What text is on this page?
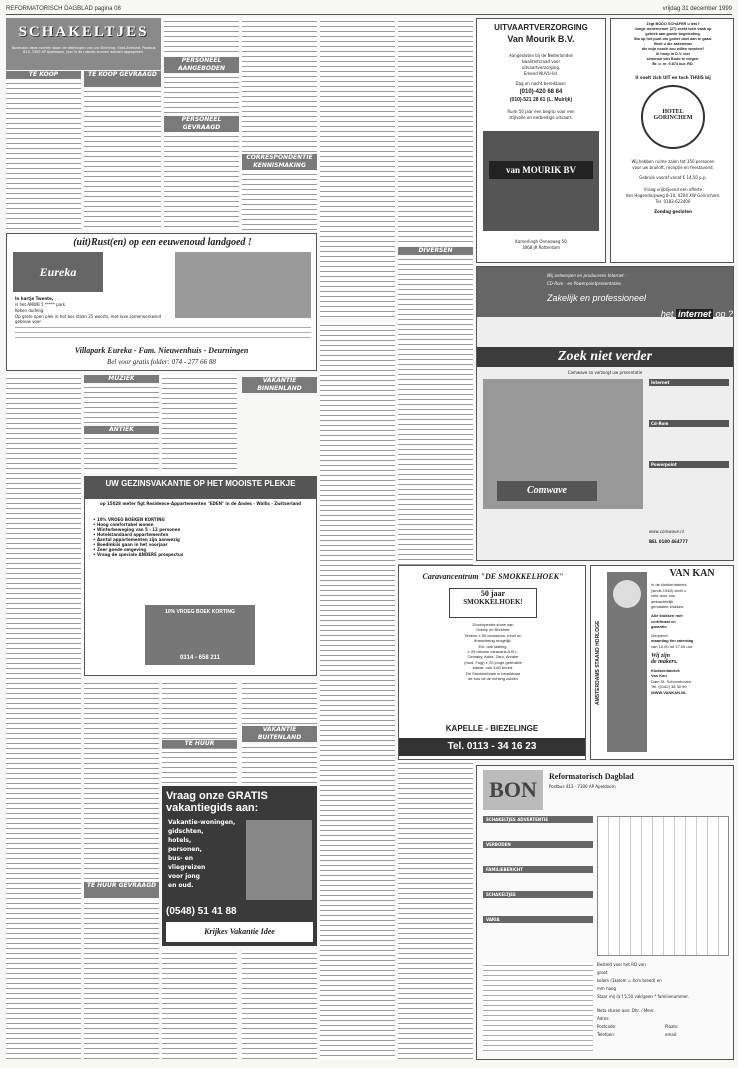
REFORMATORISCH DAGBLAD pagina 08	vrijdag 31 december 1999
SCHAKELTJES
Bovenaan deze rubriek staan de afdelingen van uw Stichting, Oost-Zeeland, Postbus 613, 7300 AP Apeldoorn, jaar in de rubriek kunnen worden opgegeven.
TE KOOP	TE KOOP GEVRAAGD
PERSONEEL AANGEBODEN
PERSONEEL GEVRAAGD
CORRESPONDENTIE KENNISMAKING
DIVERSEN
(uit)Rust(en) op een eeuwenoud landgoed !
Eureka
In hartje Twente,
is het ANWB 5 ***** park.
Keken duifelig.
Op grote open plek in het bos staan 25 woorts, met luxe zomerwerkwind gebouw voor
Villapark Eureka - Fam. Nieuwenhuis - Deurningen
Bel voor gratis folder: 074 - 277 66 88
MUZIEK
ANTIEK
UW GEZINSVAKANTIE OP HET MOOISTE PLEKJE
op 15028 meter figt Residence-Appartementen "EDEN" in de Andes - Wallis - Zwitserland
• 10% VROEG BOEKEN KORTING
• Hoog comfortabel wonen
• Winterbeweging van 5 - 12 personen
• Hotelstandaard appartementen
• Aantal appartementen zijn aanwezig
• Boedinkiis gaan in het voorjaar
• Zeer goede omgeving
• Vraag de speciale ANDERE prospectus
10% VROEG BOEK KORTING
0314 - 658 211
VAKANTIE BINNENLAND
VAKANTIE BUITENLAND
TE HUUR
Vraag onze GRATIS vakantiegids aan:
Vakantie-woningen,
gidschten,
hotels,
personen,
bus- en
vliegreizen
voor jong
en oud.
(0548) 51 41 88
Krijkes Vakantie Idee
TE HUUR GEVRAAGD
UITVAARTVERZORGING
Van Mourik B.V.
Aangesloten bij de Nederlandse
kwaliteitsraad voor
uitvaartverzorging.
Erkend NUVU-lid.
Dag en nacht bereikbaar:
(010)-420 68 84
(010)-521 28 61 (L. Mulrijk)
Ruim 50 jaar een begrip voor een
stijlvolle en eerbiedige uitvaart.
van MOURIK BV
Kamerlingh Onnesweg 50
3068 JR Rotterdam
Zegt BODO SCHAFER u iets?
Jonge ondernemer (27) zoekt toch vaak op
gebrek aan goede begeleiding.
Sta op het punt om groter doel aan te gaan.
Bent u die zakenman
die mijn coach zou willen worden?
Ik hoop in D.V. mei
seminair van Bodo te volgen.
Br. o. nr. 9.874 bur. RD.
U voelt zich UIT en toch THUIS bij
HOTEL GORINCHEM
Wij hebben ruime zalen tot 350 personen
voor uw bruiloft, receptie en feestavond.
Gebruik vooraf vanaf € 14,50 p.p.
Vraag vrijblijvend een offerte
Van Hogendorpweg 8-10, 4204 XW Gorinchem.
Tel. 0183-622400
Zondag gesloten
Wij ontwerpen en produceren Internet -
CD-Rom - en Powerpointpresentaties
Zakelijk en professioneel
het internet op ?
Zoek niet verder
Comwave so verzorgt uw presentatie
Comwave
Internet
Cd-Rom
Powerpoint
www.comwave.nl
BEL 0180 464777
Caravancentrum "DE SMOKKELHOEK"
50 jaar
SMOKKELHOEK!
Doorlopende show van
Hobby en Bürstner
Tevens ± 50 occasions. Inruil en
financiering mogelijk.
Ext. ook stalling.
± 25 nieuwe caravans A.B.I.,
Cemaby, Adria, Zaro, Arcabe
(mod. Fugi) ± 20 jonge gebruikte
stacar, ook 3.60 breed.
De Smokkelhoek is bereikbaar
de bus uit de richting zuiden
KAPELLE - BIEZELINGE
Tel. 0113 - 34 16 23
AMSTERDAMS STAAND HORLOGE
VAN KAN
In de klokkenfabriek
(sinds 1948) vindt u
vele door ons
ambachtelijk
gemaakte klokken.
Alle klokken met
certificaat en
garantie.
Geopend:
maandag t/m zaterdag
van 10.00 tot 17.00 uur.
Wij zijn
de makers.
Klokkenfabriek
Van Kan
Dam St. Schoonhoven
Tel. (0182) 38 30 99
WWW.VANKAN.NL
BON
Reformatorisch Dagblad
Postbus 413 - 7300 AP Apeldoorn
SCHAKELTJES ADVERTENTIE
VERBODEN
FAMILIEBERICHT
SCHAKELTJES
VARIA
Besteld voor het RD van
groot
kolom (1kolom = 4cm breed) en
mm hoog
Staar mij (à f 5,50 vak/geen * familienummer.
Nota sturen aan: Dhr. / Mevr.
Adres:
Postcode:	Plaats:
Telefoon:	email:
